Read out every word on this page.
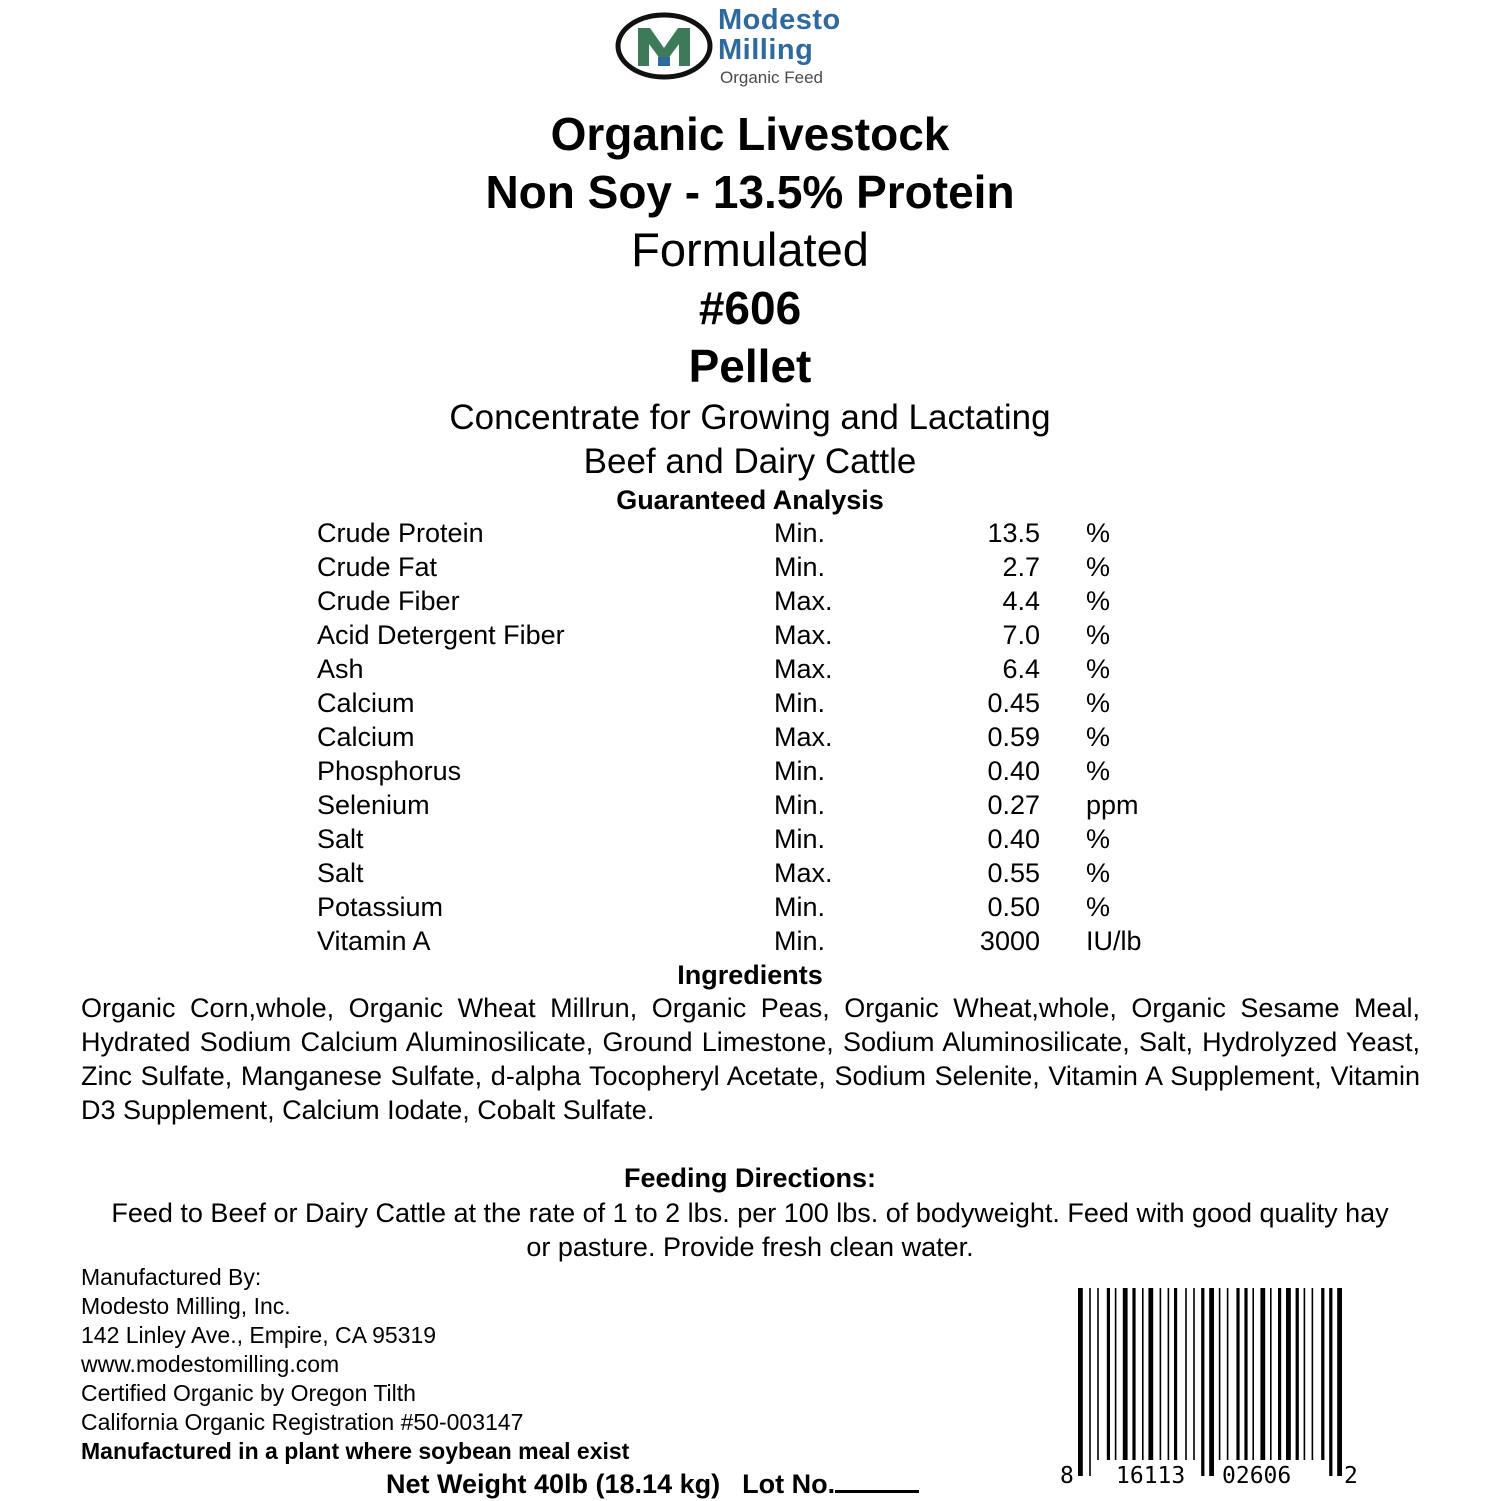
Modesto
Milling
Organic Feed
Organic Livestock
Non Soy - 13.5% Protein
Formulated
#606
Pellet
Concentrate for Growing and Lactating
Beef and Dairy Cattle
Guaranteed Analysis
Crude Protein	Min.	13.5 %
Crude Fat	Min.	2.7 %
Crude Fiber	Max.	4.4 %
Acid Detergent Fiber	Max.	7.0 %
Ash	Max.	6.4 %
Calcium	Min.	0.45 %
Calcium	Max.	0.59 %
Phosphorus	Min.	0.40 %
Selenium	Min.	0.27 ppm
Salt	Min.	0.40 %
Salt	Max.	0.55 %
Potassium	Min.	0.50 %
Vitamin A	Min.	3000 IU/lb
Ingredients
Organic Corn,whole, Organic Wheat Millrun, Organic Peas, Organic Wheat,whole, Organic Sesame Meal, Hydrated Sodium Calcium Aluminosilicate, Ground Limestone, Sodium Aluminosilicate, Salt, Hydrolyzed Yeast, Zinc Sulfate, Manganese Sulfate, d-alpha Tocopheryl Acetate, Sodium Selenite, Vitamin A Supplement, Vitamin D3 Supplement, Calcium Iodate, Cobalt Sulfate.
Feeding Directions:
Feed to Beef or Dairy Cattle at the rate of 1 to 2 lbs. per 100 lbs. of bodyweight. Feed with good quality hay or pasture. Provide fresh clean water.
Manufactured By:
Modesto Milling, Inc.
142 Linley Ave., Empire, CA 95319
www.modestomilling.com
Certified Organic by Oregon Tilth
California Organic Registration #50-003147
Manufactured in a plant where soybean meal exist
Net Weight 40lb (18.14 kg) Lot No.	8 16113 02606 2
